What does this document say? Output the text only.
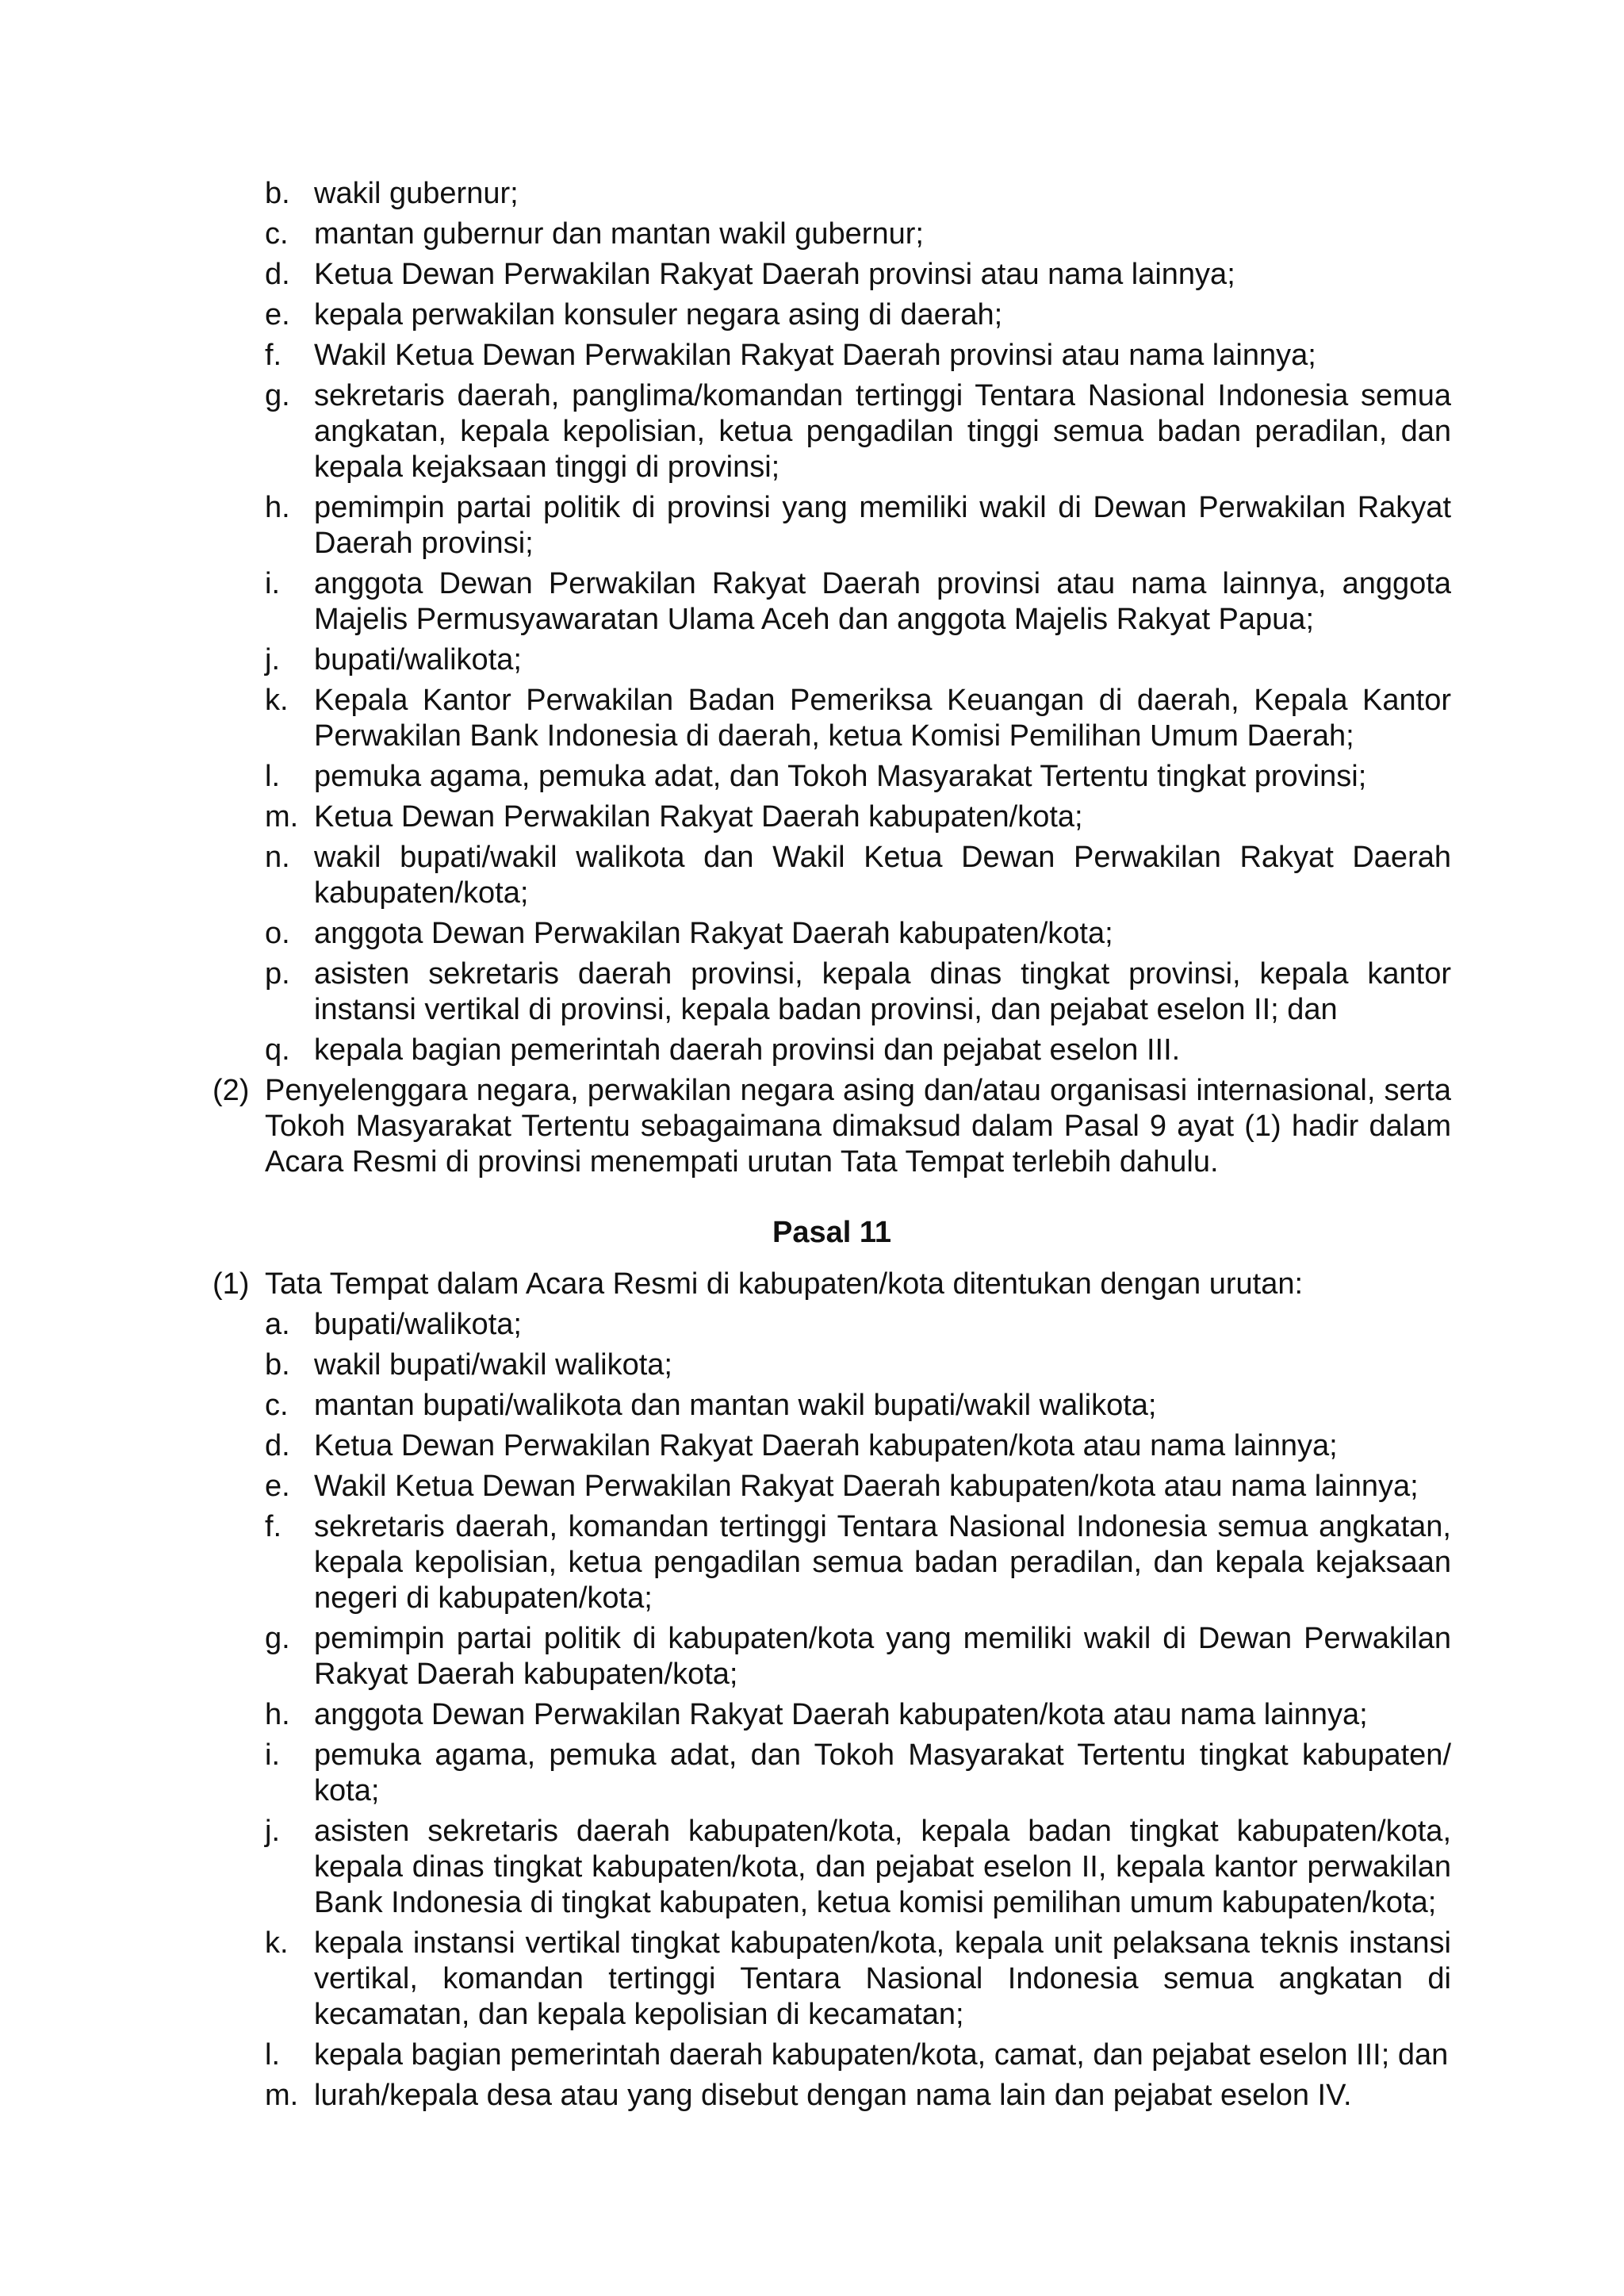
b. wakil gubernur;
c. mantan gubernur dan mantan wakil gubernur;
d. Ketua Dewan Perwakilan Rakyat Daerah provinsi atau nama lainnya;
e. kepala perwakilan konsuler negara asing di daerah;
f. Wakil Ketua Dewan Perwakilan Rakyat Daerah provinsi atau nama lainnya;
g. sekretaris daerah, panglima/komandan tertinggi Tentara Nasional Indonesia semua angkatan, kepala kepolisian, ketua pengadilan tinggi semua badan peradilan, dan kepala kejaksaan tinggi di provinsi;
h. pemimpin partai politik di provinsi yang memiliki wakil di Dewan Perwakilan Rakyat Daerah provinsi;
i. anggota Dewan Perwakilan Rakyat Daerah provinsi atau nama lainnya, anggota Majelis Permusyawaratan Ulama Aceh dan anggota Majelis Rakyat Papua;
j. bupati/walikota;
k. Kepala Kantor Perwakilan Badan Pemeriksa Keuangan di daerah, Kepala Kantor Perwakilan Bank Indonesia di daerah, ketua Komisi Pemilihan Umum Daerah;
l. pemuka agama, pemuka adat, dan Tokoh Masyarakat Tertentu tingkat provinsi;
m. Ketua Dewan Perwakilan Rakyat Daerah kabupaten/kota;
n. wakil bupati/wakil walikota dan Wakil Ketua Dewan Perwakilan Rakyat Daerah kabupaten/kota;
o. anggota Dewan Perwakilan Rakyat Daerah kabupaten/kota;
p. asisten sekretaris daerah provinsi, kepala dinas tingkat provinsi, kepala kantor instansi vertikal di provinsi, kepala badan provinsi, dan pejabat eselon II; dan
q. kepala bagian pemerintah daerah provinsi dan pejabat eselon III.
(2) Penyelenggara negara, perwakilan negara asing dan/atau organisasi internasional, serta Tokoh Masyarakat Tertentu sebagaimana dimaksud dalam Pasal 9 ayat (1) hadir dalam Acara Resmi di provinsi menempati urutan Tata Tempat terlebih dahulu.
Pasal 11
(1) Tata Tempat dalam Acara Resmi di kabupaten/kota ditentukan dengan urutan:
a. bupati/walikota;
b. wakil bupati/wakil walikota;
c. mantan bupati/walikota dan mantan wakil bupati/wakil walikota;
d. Ketua Dewan Perwakilan Rakyat Daerah kabupaten/kota atau nama lainnya;
e. Wakil Ketua Dewan Perwakilan Rakyat Daerah kabupaten/kota atau nama lainnya;
f. sekretaris daerah, komandan tertinggi Tentara Nasional Indonesia semua angkatan, kepala kepolisian, ketua pengadilan semua badan peradilan, dan kepala kejaksaan negeri di kabupaten/kota;
g. pemimpin partai politik di kabupaten/kota yang memiliki wakil di Dewan Perwakilan Rakyat Daerah kabupaten/kota;
h. anggota Dewan Perwakilan Rakyat Daerah kabupaten/kota atau nama lainnya;
i. pemuka agama, pemuka adat, dan Tokoh Masyarakat Tertentu tingkat kabupaten/ kota;
j. asisten sekretaris daerah kabupaten/kota, kepala badan tingkat kabupaten/kota, kepala dinas tingkat kabupaten/kota, dan pejabat eselon II, kepala kantor perwakilan Bank Indonesia di tingkat kabupaten, ketua komisi pemilihan umum kabupaten/kota;
k. kepala instansi vertikal tingkat kabupaten/kota, kepala unit pelaksana teknis instansi vertikal, komandan tertinggi Tentara Nasional Indonesia semua angkatan di kecamatan, dan kepala kepolisian di kecamatan;
l. kepala bagian pemerintah daerah kabupaten/kota, camat, dan pejabat eselon III; dan
m. lurah/kepala desa atau yang disebut dengan nama lain dan pejabat eselon IV.
